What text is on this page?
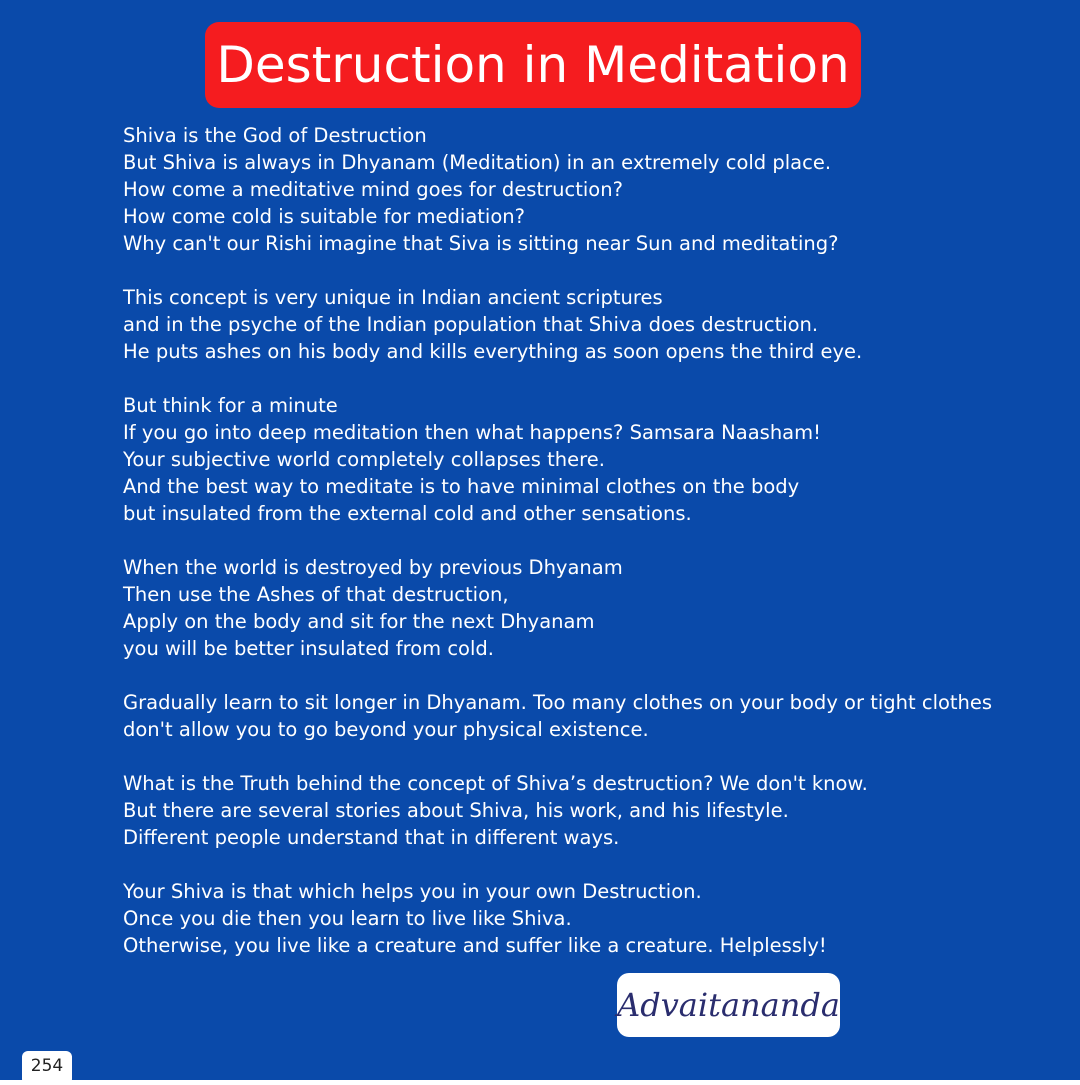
Destruction in Meditation
Shiva is the God of Destruction
But Shiva is always in Dhyanam (Meditation) in an extremely cold place.
How come a meditative mind goes for destruction?
How come cold is suitable for mediation?
Why can't our Rishi imagine that Siva is sitting near Sun and meditating?
This concept is very unique in Indian ancient scriptures
and in the psyche of the Indian population that Shiva does destruction.
He puts ashes on his body and kills everything as soon opens the third eye.
But think for a minute
If you go into deep meditation then what happens? Samsara Naasham!
Your subjective world completely collapses there.
And the best way to meditate is to have minimal clothes on the body
but insulated from the external cold and other sensations.
When the world is destroyed by previous Dhyanam
Then use the Ashes of that destruction,
Apply on the body and sit for the next Dhyanam
you will be better insulated from cold.
Gradually learn to sit longer in Dhyanam. Too many clothes on your body or tight clothes
don't allow you to go beyond your physical existence.
What is the Truth behind the concept of Shiva’s destruction? We don't know.
But there are several stories about Shiva, his work, and his lifestyle.
Different people understand that in different ways.
Your Shiva is that which helps you in your own Destruction.
Once you die then you learn to live like Shiva.
Otherwise, you live like a creature and suffer like a creature. Helplessly!
Advaitananda
254
